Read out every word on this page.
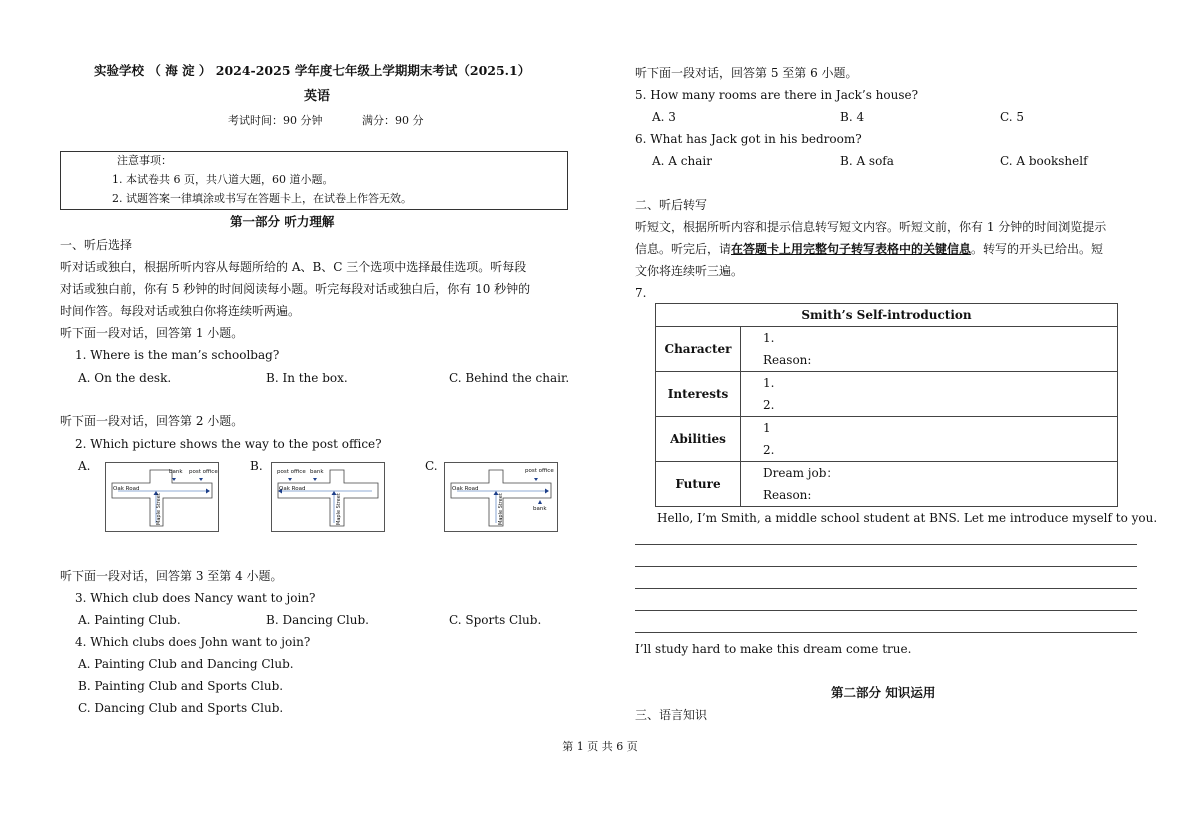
实验学校 （ 海 淀 ） 2024-2025 学年度七年级上学期期末考试（2025.1）
英语
考试时间：90 分钟	满分：90 分
注意事项：
1. 本试卷共 6 页，共八道大题，60 道小题。
2. 试题答案一律填涂或书写在答题卡上，在试卷上作答无效。
第一部分 听力理解
一、听后选择
听对话或独白，根据所听内容从每题所给的 A、B、C 三个选项中选择最佳选项。听每段
对话或独白前，你有 5 秒钟的时间阅读每小题。听完每段对话或独白后，你有 10 秒钟的
时间作答。每段对话或独白你将连续听两遍。
听下面一段对话，回答第 1 小题。
1. Where is the man’s schoolbag?
A. On the desk.	B. In the box.	C. Behind the chair.
听下面一段对话，回答第 2 小题。
2. Which picture shows the way to the post office?
A.	B.	C.
Oak Road
bank post office
Maple Street
post office bank
Oak Road
Maple Street
Oak Road
post office
bank
Maple Street
听下面一段对话，回答第 3 至第 4 小题。
3. Which club does Nancy want to join?
A. Painting Club.	B. Dancing Club.	C. Sports Club.
4. Which clubs does John want to join?
A. Painting Club and Dancing Club.
B. Painting Club and Sports Club.
C. Dancing Club and Sports Club.
听下面一段对话，回答第 5 至第 6 小题。
5. How many rooms are there in Jack’s house?
A. 3	B. 4	C. 5
6. What has Jack got in his bedroom?
A. A chair	B. A sofa	C. A bookshelf
二、听后转写
听短文，根据所听内容和提示信息转写短文内容。听短文前，你有 1 分钟的时间浏览提示
信息。听完后，请在答题卡上用完整句子转写表格中的关键信息。转写的开头已给出。短
文你将连续听三遍。
7.
Smith’s Self-introduction	
Character	1.
Reason:

Interests	1.
2.

Abilities	1
2.

Future	Dream job：
Reason:
Hello, I’m Smith, a middle school student at BNS. Let me introduce myself to you.
I’ll study hard to make this dream come true.
第二部分 知识运用
三、语言知识
第 1 页 共 6 页
